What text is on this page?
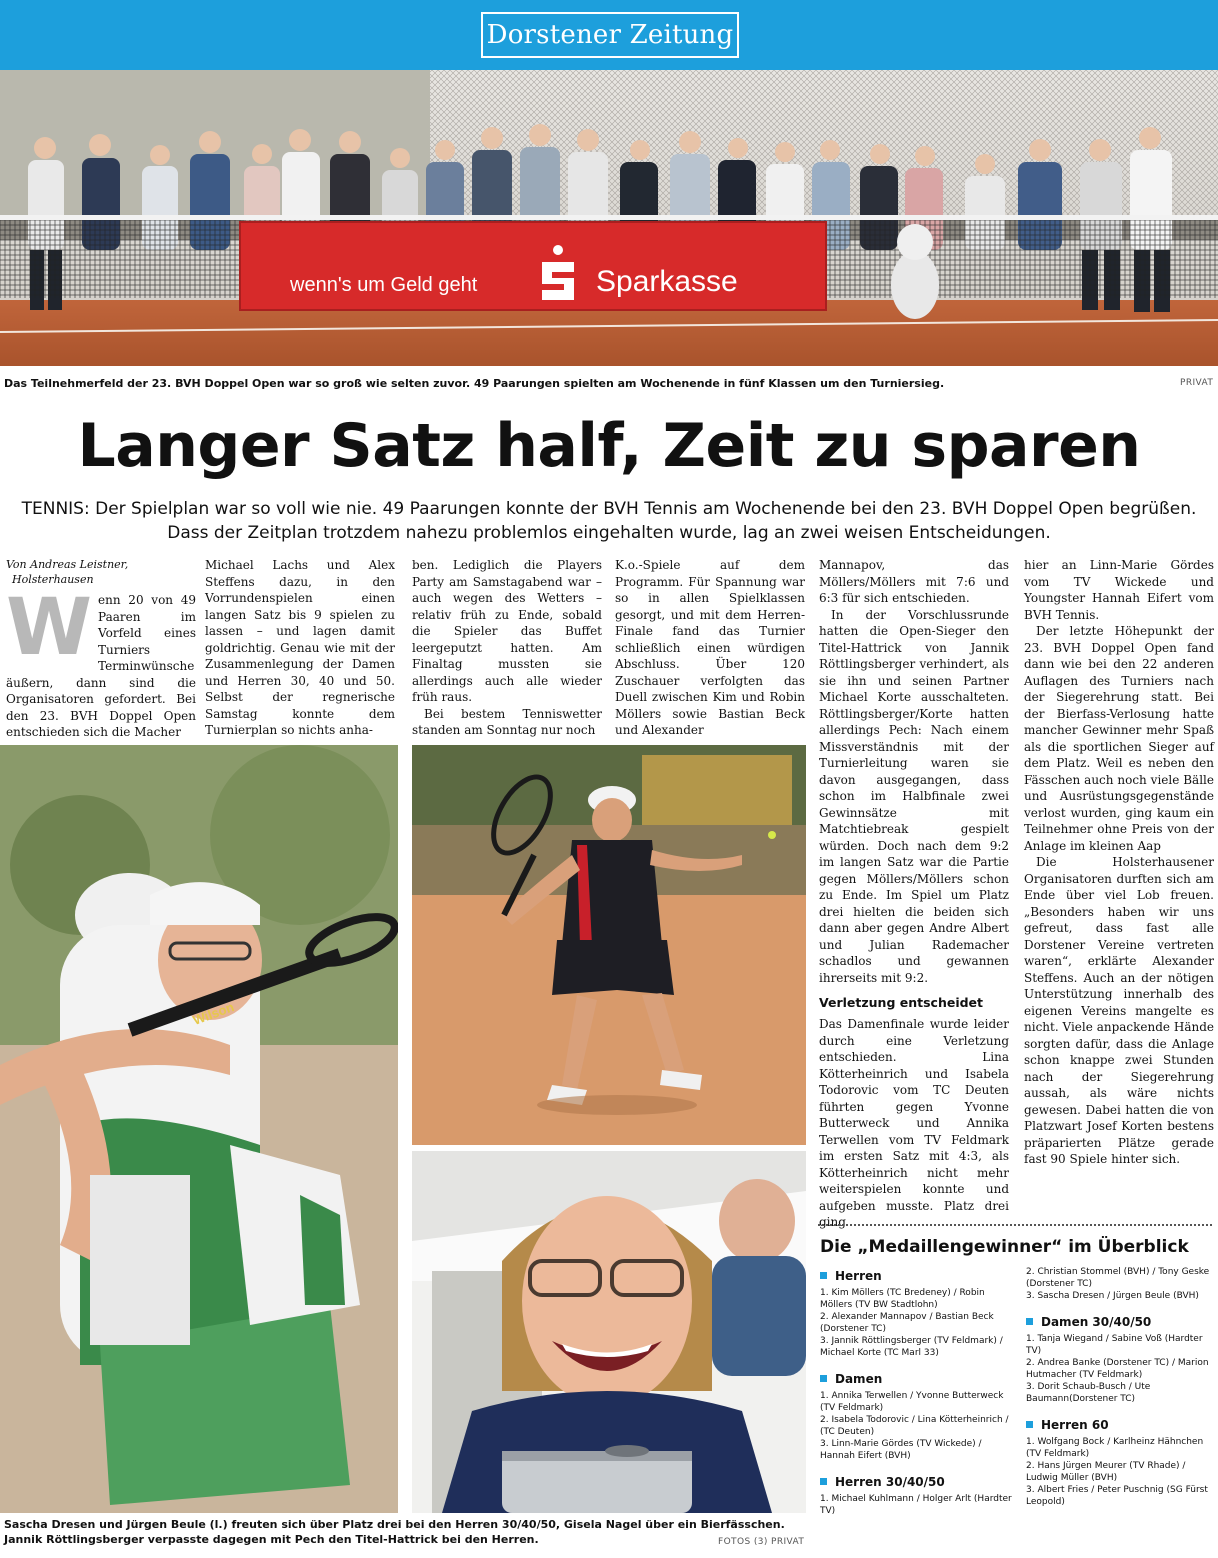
Dorstener Zeitung
wenn's um Geld geht	Sparkasse
Das Teilnehmerfeld der 23. BVH Doppel Open war so groß wie selten zuvor. 49 Paarungen spielten am Wochenende in fünf Klassen um den Turniersieg.	PRIVAT
Langer Satz half, Zeit zu sparen
TENNIS: Der Spielplan war so voll wie nie. 49 Paarungen konnte der BVH Tennis am Wochenende bei den 23. BVH Doppel Open begrüßen. Dass der Zeitplan trotzdem nahezu problemlos eingehalten wurde, lag an zwei weisen Entscheidungen.
Von Andreas Leistner,
Holsterhausen

Wenn 20 von 49 Paaren im Vorfeld eines Turniers Terminwünsche äußern, dann sind die Organisatoren gefordert. Bei den 23. BVH Doppel Open entschieden sich die Macher

Michael Lachs und Alex Steffens dazu, in den Vorrundenspielen einen langen Satz bis 9 spielen zu lassen – und lagen damit goldrichtig. Genau wie mit der Zusammenlegung der Damen und Herren 30, 40 und 50. Selbst der regnerische Samstag konnte dem Turnierplan so nichts anha-

ben. Lediglich die Players Party am Samstagabend war – auch wegen des Wetters – relativ früh zu Ende, sobald die Spieler das Buffet leergeputzt hatten. Am Finaltag mussten sie allerdings auch alle wieder früh raus.

Bei bestem Tenniswetter standen am Sonntag nur noch

K.o.-Spiele auf dem Programm. Für Spannung war so in allen Spielklassen gesorgt, und mit dem Herren-Finale fand das Turnier schließlich einen würdigen Abschluss. Über 120 Zuschauer verfolgten das Duell zwischen Kim und Robin Möllers sowie Bastian Beck und Alexander

Mannapov, das Möllers/Möllers mit 7:6 und 6:3 für sich entschieden.

In der Vorschlussrunde hatten die Open-Sieger den Titel-Hattrick von Jannik Röttlingsberger verhindert, als sie ihn und seinen Partner Michael Korte ausschalteten. Röttlingsberger/Korte hatten allerdings Pech: Nach einem Missverständnis mit der Turnierleitung waren sie davon ausgegangen, dass schon im Halbfinale zwei Gewinnsätze mit Matchtiebreak gespielt würden. Doch nach dem 9:2 im langen Satz war die Partie gegen Möllers/Möllers schon zu Ende. Im Spiel um Platz drei hielten die beiden sich dann aber gegen Andre Albert und Julian Rademacher schadlos und gewannen ihrerseits mit 9:2.

Verletzung entscheidet

Das Damenfinale wurde leider durch eine Verletzung entschieden. Lina Kötterheinrich und Isabela Todorovic vom TC Deuten führten gegen Yvonne Butterweck und Annika Terwellen vom TV Feldmark im ersten Satz mit 4:3, als Kötterheinrich nicht mehr weiterspielen konnte und aufgeben musste. Platz drei ging

hier an Linn-Marie Gördes vom TV Wickede und Youngster Hannah Eifert vom BVH Tennis.

Der letzte Höhepunkt der 23. BVH Doppel Open fand dann wie bei den 22 anderen Auflagen des Turniers nach der Siegerehrung statt. Bei der Bierfass-Verlosung hatte mancher Gewinner mehr Spaß als die sportlichen Sieger auf dem Platz. Weil es neben den Fässchen auch noch viele Bälle und Ausrüstungsgegenstände verlost wurden, ging kaum ein Teilnehmer ohne Preis von der Anlage im kleinen Aap

Die Holsterhausener Organisatoren durften sich am Ende über viel Lob freuen. „Besonders haben wir uns gefreut, dass fast alle Dorstener Vereine vertreten waren“, erklärte Alexander Steffens. Auch an der nötigen Unterstützung innerhalb des eigenen Vereins mangelte es nicht. Viele anpackende Hände sorgten dafür, dass die Anlage schon knappe zwei Stunden nach der Siegerehrung aussah, als wäre nichts gewesen. Dabei hatten die von Platzwart Josef Korten bestens präparierten Plätze gerade fast 90 Spiele hinter sich.

Wilson
Sascha Dresen und Jürgen Beule (l.) freuten sich über Platz drei bei den Herren 30/40/50, Gisela Nagel über ein Bierfässchen.
Jannik Röttlingsberger verpasste dagegen mit Pech den Titel-Hattrick bei den Herren.	FOTOS (3) PRIVAT
Die „Medaillengewinner“ im Überblick
Herren
1. Kim Möllers (TC Bredeney) / Robin Möllers (TV BW Stadtlohn)
2. Alexander Mannapov / Bastian Beck (Dorstener TC)
3. Jannik Röttlingsberger (TV Feldmark) / Michael Korte (TC Marl 33)
Damen
1. Annika Terwellen / Yvonne Butterweck (TV Feldmark)
2. Isabela Todorovic / Lina Kötterheinrich / (TC Deuten)
3. Linn-Marie Gördes (TV Wickede) / Hannah Eifert (BVH)
Herren 30/40/50
1. Michael Kuhlmann / Holger Arlt (Hardter TV)
2. Christian Stommel (BVH) / Tony Geske (Dorstener TC)
3. Sascha Dresen / Jürgen Beule (BVH)
Damen 30/40/50
1. Tanja Wiegand / Sabine Voß (Hardter TV)
2. Andrea Banke (Dorstener TC) / Marion Hutmacher (TV Feldmark)
3. Dorit Schaub-Busch / Ute Baumann(Dorstener TC)
Herren 60
1. Wolfgang Bock / Karlheinz Hähnchen (TV Feldmark)
2. Hans Jürgen Meurer (TV Rhade) / Ludwig Müller (BVH)
3. Albert Fries / Peter Puschnig (SG Fürst Leopold)
